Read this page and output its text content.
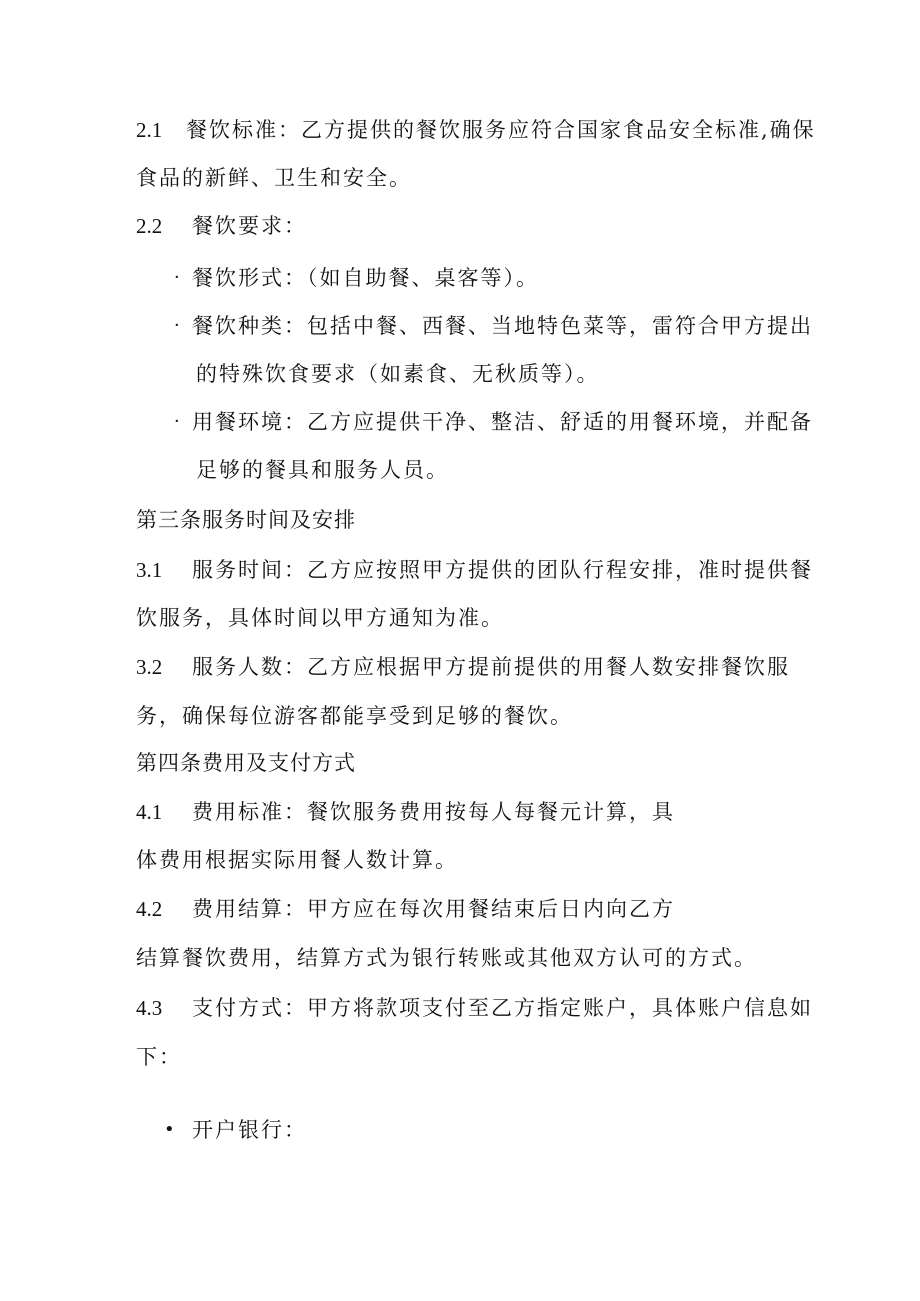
2.1 餐饮标准：乙方提供的餐饮服务应符合国家食品安全标准,确保
食品的新鲜、卫生和安全。
2.2 餐饮要求：
· 餐饮形式：（如自助餐、桌客等）。
· 餐饮种类：包括中餐、西餐、当地特色菜等，雷符合甲方提出
的特殊饮食要求（如素食、无秋质等）。
· 用餐环境：乙方应提供干净、整洁、舒适的用餐环境，并配备
足够的餐具和服务人员。
第三条服务时间及安排
3.1 服务时间：乙方应按照甲方提供的团队行程安排，准时提供餐
饮服务，具体时间以甲方通知为准。
3.2 服务人数：乙方应根据甲方提前提供的用餐人数安排餐饮服
务，确保每位游客都能享受到足够的餐饮。
第四条费用及支付方式
4.1 费用标准：餐饮服务费用按每人每餐元计算，具
体费用根据实际用餐人数计算。
4.2 费用结算：甲方应在每次用餐结束后日内向乙方
结算餐饮费用，结算方式为银行转账或其他双方认可的方式。
4.3 支付方式：甲方将款项支付至乙方指定账户，具体账户信息如
下：
• 开户银行：
